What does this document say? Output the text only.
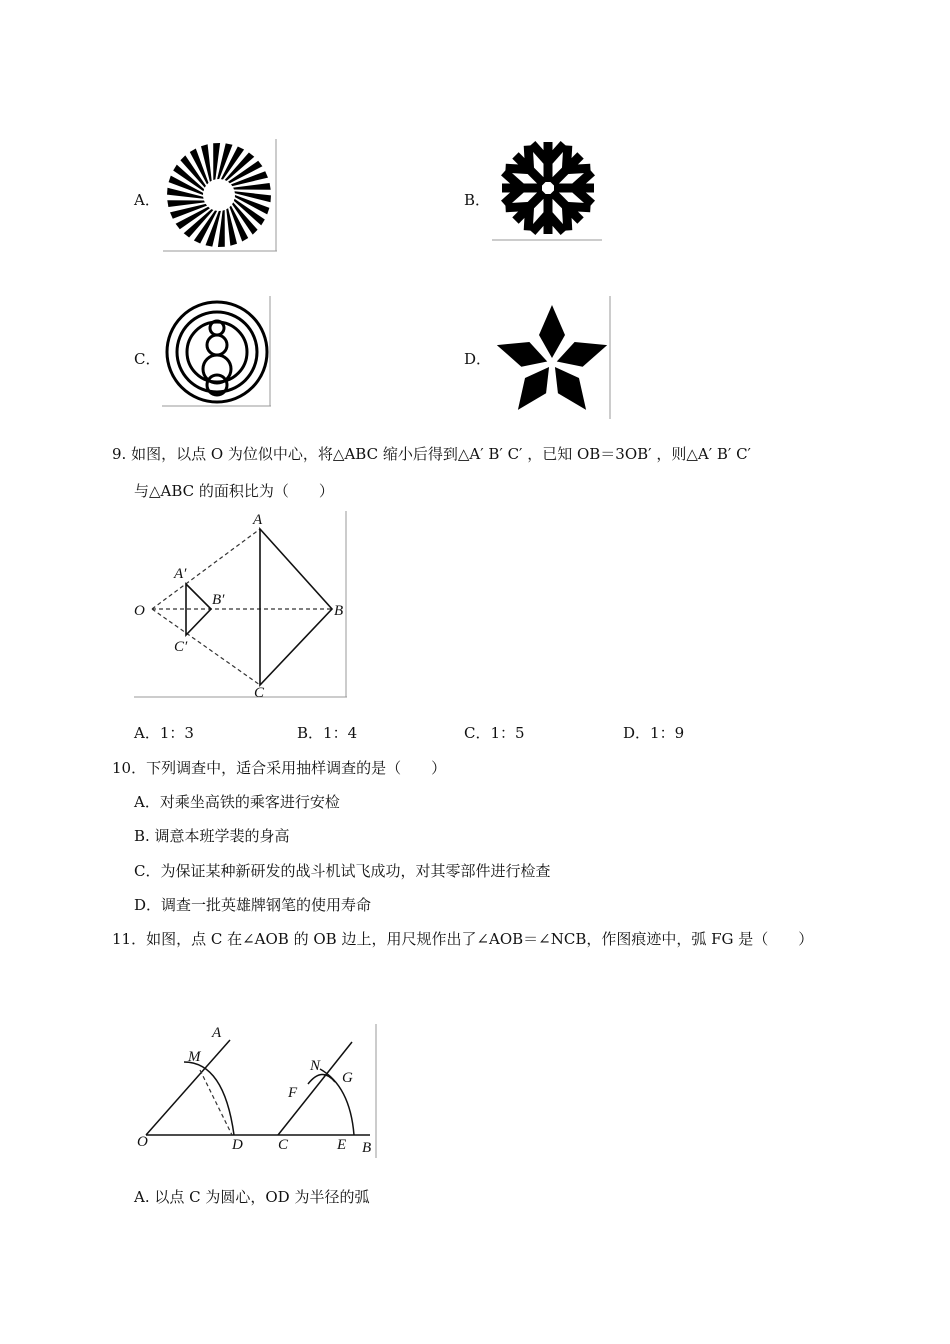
A．	B．
C．	D．
9. 如图，以点 O 为位似中心，将△ABC 缩小后得到△A′ B′ C′ ，已知 OB＝3OB′ ，则△A′ B′ C′
与△ABC 的面积比为（　　）
A
B
C
O
A′
B′
C′
A．1：3	B．1：4	C．1：5	D．1：9
10．下列调查中，适合采用抽样调查的是（　　）
A．对乘坐高铁的乘客进行安检
B. 调意本班学裴的身高
C．为保证某种新研发的战斗机试飞成功，对其零部件进行检查
D．调查一批英雄牌钢笔的使用寿命
11．如图，点 C 在∠AOB 的 OB 边上，用尺规作出了∠AOB＝∠NCB，作图痕迹中，弧 FG 是（　　）
A
M
O	D C
N
F
G
E B
A. 以点 C 为圆心，OD 为半径的弧
